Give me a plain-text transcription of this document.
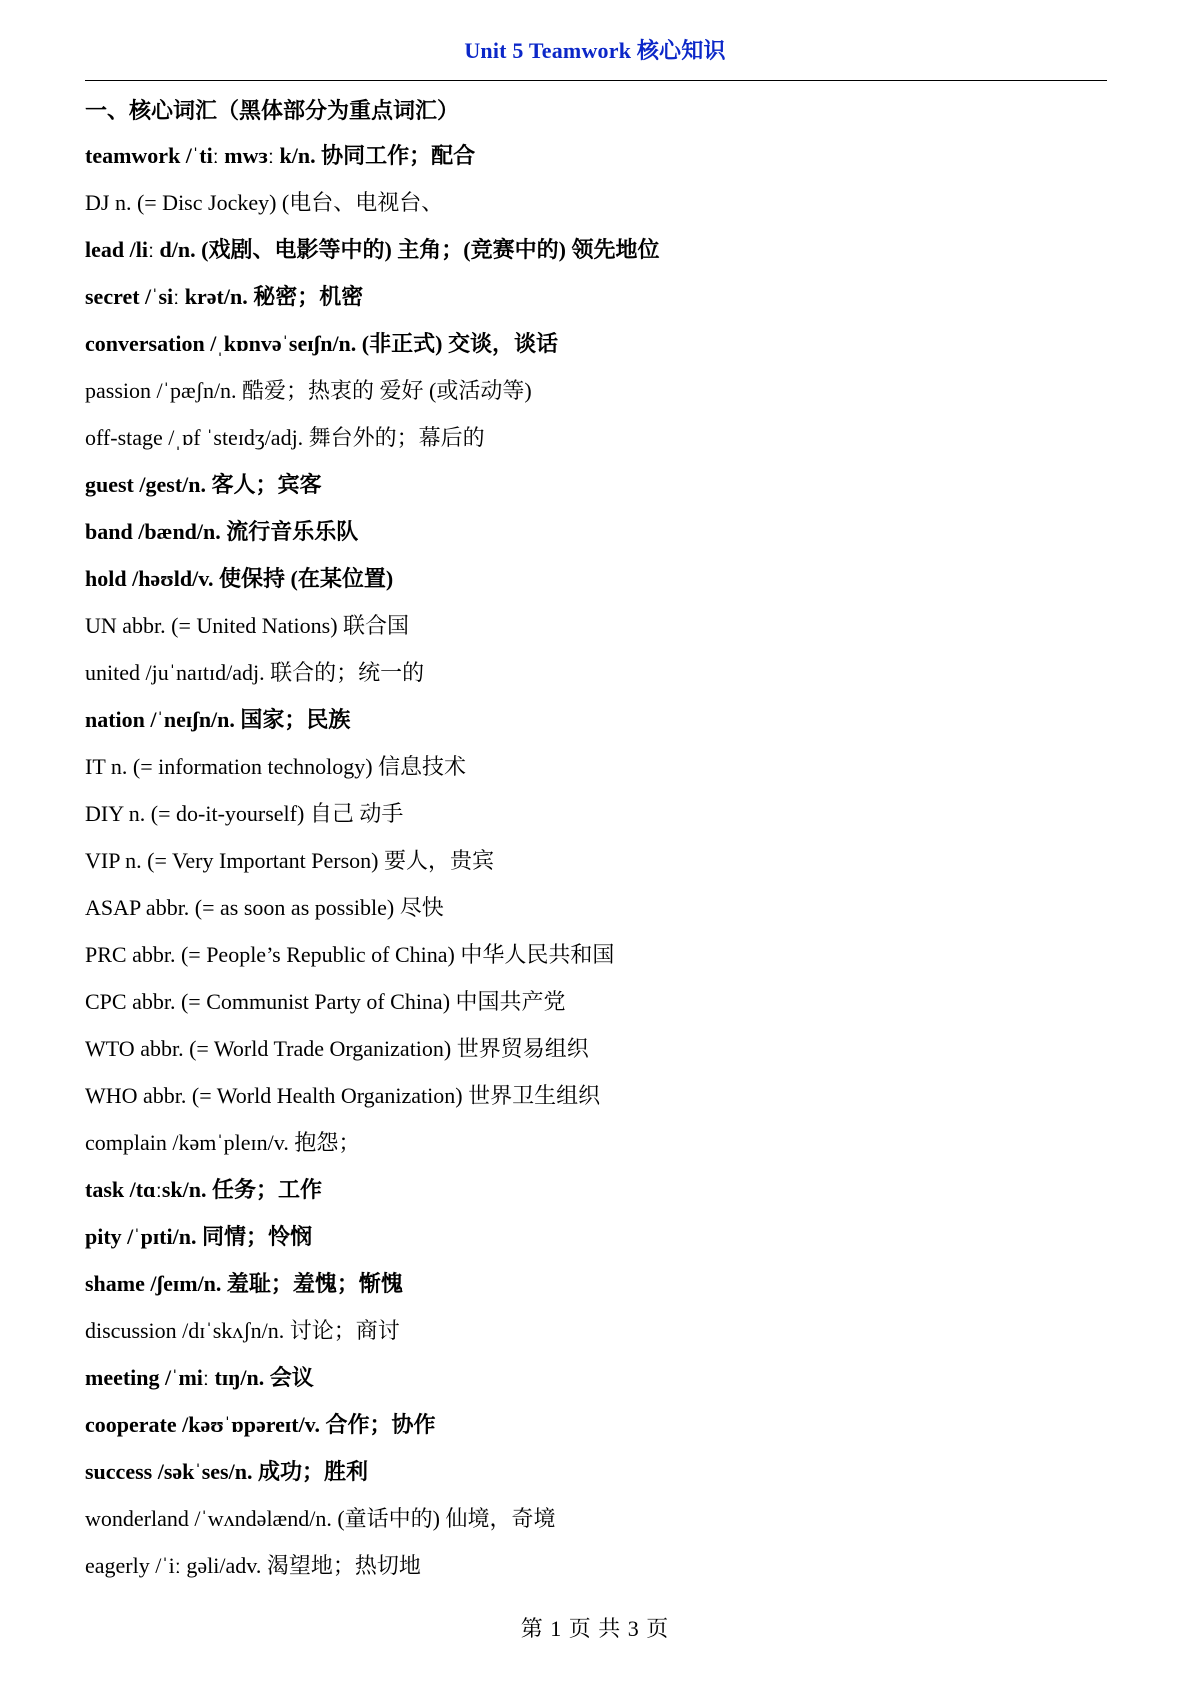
Unit 5 Teamwork 核心知识
一、核心词汇（黑体部分为重点词汇）
teamwork /ˈtiː mwɜː k/n. 协同工作；配合
DJ n. (= Disc Jockey) (电台、电视台、
lead /liː d/n. (戏剧、电影等中的) 主角；(竞赛中的) 领先地位
secret /ˈsiː krət/n. 秘密；机密
conversation /ˌkɒnvəˈseɪʃn/n. (非正式) 交谈，谈话
passion /ˈpæʃn/n. 酷爱；热衷的 爱好 (或活动等)
off-stage /ˌɒf ˈsteɪdʒ/adj. 舞台外的；幕后的
guest /gest/n. 客人；宾客
band /bænd/n. 流行音乐乐队
hold /həʊld/v. 使保持 (在某位置)
UN abbr. (= United Nations) 联合国
united /juˈnaɪtɪd/adj. 联合的；统一的
nation /ˈneɪʃn/n. 国家；民族
IT n. (= information technology) 信息技术
DIY n. (= do-it-yourself) 自己 动手
VIP n. (= Very Important Person) 要人，贵宾
ASAP abbr. (= as soon as possible) 尽快
PRC abbr. (= People’s Republic of China) 中华人民共和国
CPC abbr. (= Communist Party of China) 中国共产党
WTO abbr. (= World Trade Organization) 世界贸易组织
WHO abbr. (= World Health Organization) 世界卫生组织
complain /kəmˈpleɪn/v. 抱怨；
task /tɑːsk/n. 任务；工作
pity /ˈpɪti/n. 同情；怜悯
shame /ʃeɪm/n. 羞耻；羞愧；惭愧
discussion /dɪˈskʌʃn/n. 讨论；商讨
meeting /ˈmiː tɪŋ/n. 会议
cooperate /kəʊˈɒpəreɪt/v. 合作；协作
success /səkˈses/n. 成功；胜利
wonderland /ˈwʌndəlænd/n. (童话中的) 仙境，奇境
eagerly /ˈiː gəli/adv. 渴望地；热切地
第 1 页 共 3 页
